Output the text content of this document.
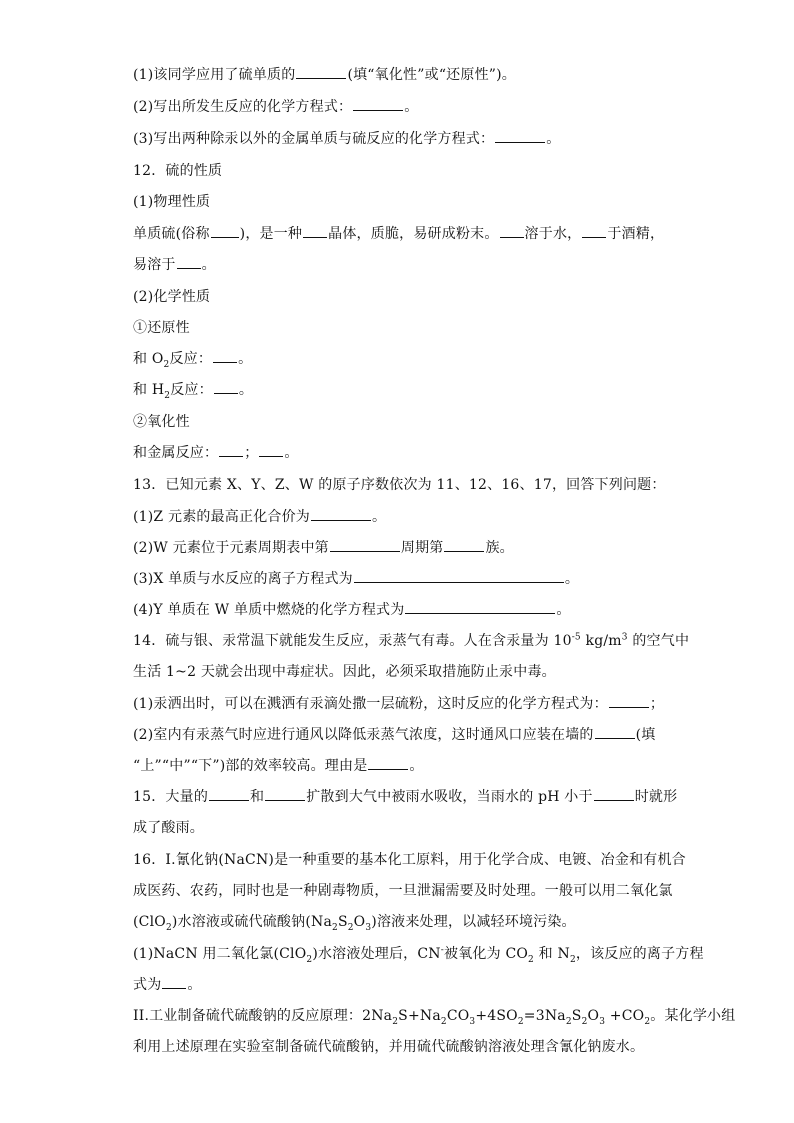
(1)该同学应用了硫单质的	(填“氧化性”或“还原性”)。
(2)写出所发生反应的化学方程式：	。
(3)写出两种除汞以外的金属单质与硫反应的化学方程式：	。
12．硫的性质
(1)物理性质
单质硫(俗称 )，是一种 晶体，质脆，易研成粉末。 溶于水， 于酒精，
易溶于 。
(2)化学性质
①还原性
和 $O_2$反应： 。
和 $H_2$反应： 。
②氧化性
和金属反应： ； 。
13．已知元素 X、Y、Z、W 的原子序数依次为 11、12、16、17，回答下列问题：
(1)Z 元素的最高正化合价为	。
(2)W 元素位于元素周期表中第	周期第	族。
(3)X 单质与水反应的离子方程式为	。
(4)Y 单质在 W 单质中燃烧的化学方程式为	。
14．硫与银、汞常温下就能发生反应，汞蒸气有毒。人在含汞量为 $10^{-5}$ $kg/m^3$ 的空气中
生活 1~2 天就会出现中毒症状。因此，必须采取措施防止汞中毒。
(1)汞洒出时，可以在溅洒有汞滴处撒一层硫粉，这时反应的化学方程式为：	；
(2)室内有汞蒸气时应进行通风以降低汞蒸气浓度，这时通风口应装在墙的	(填
“上”“中”“下”)部的效率较高。理由是	。
15．大量的	和	扩散到大气中被雨水吸收，当雨水的 pH 小于	时就形
成了酸雨。
16．I.氰化钠(NaCN)是一种重要的基本化工原料，用于化学合成、电镀、冶金和有机合
成医药、农药，同时也是一种剧毒物质，一旦泄漏需要及时处理。一般可以用二氧化氯
(ClO$_2$)水溶液或硫代硫酸钠$(Na_2S_2O_3)$溶液来处理，以减轻环境污染。
(1)NaCN 用二氧化氯(ClO$_2$)水溶液处理后，CN-被氧化为 $CO_2$ 和 $N_2$，该反应的离子方程
式为 。
II.工业制备硫代硫酸钠的反应原理：$2Na_2S+Na_2CO_3+4SO_2=3Na_2S_2O_3 +CO_2$。某化学小组
利用上述原理在实验室制备硫代硫酸钠，并用硫代硫酸钠溶液处理含氰化钠废水。
